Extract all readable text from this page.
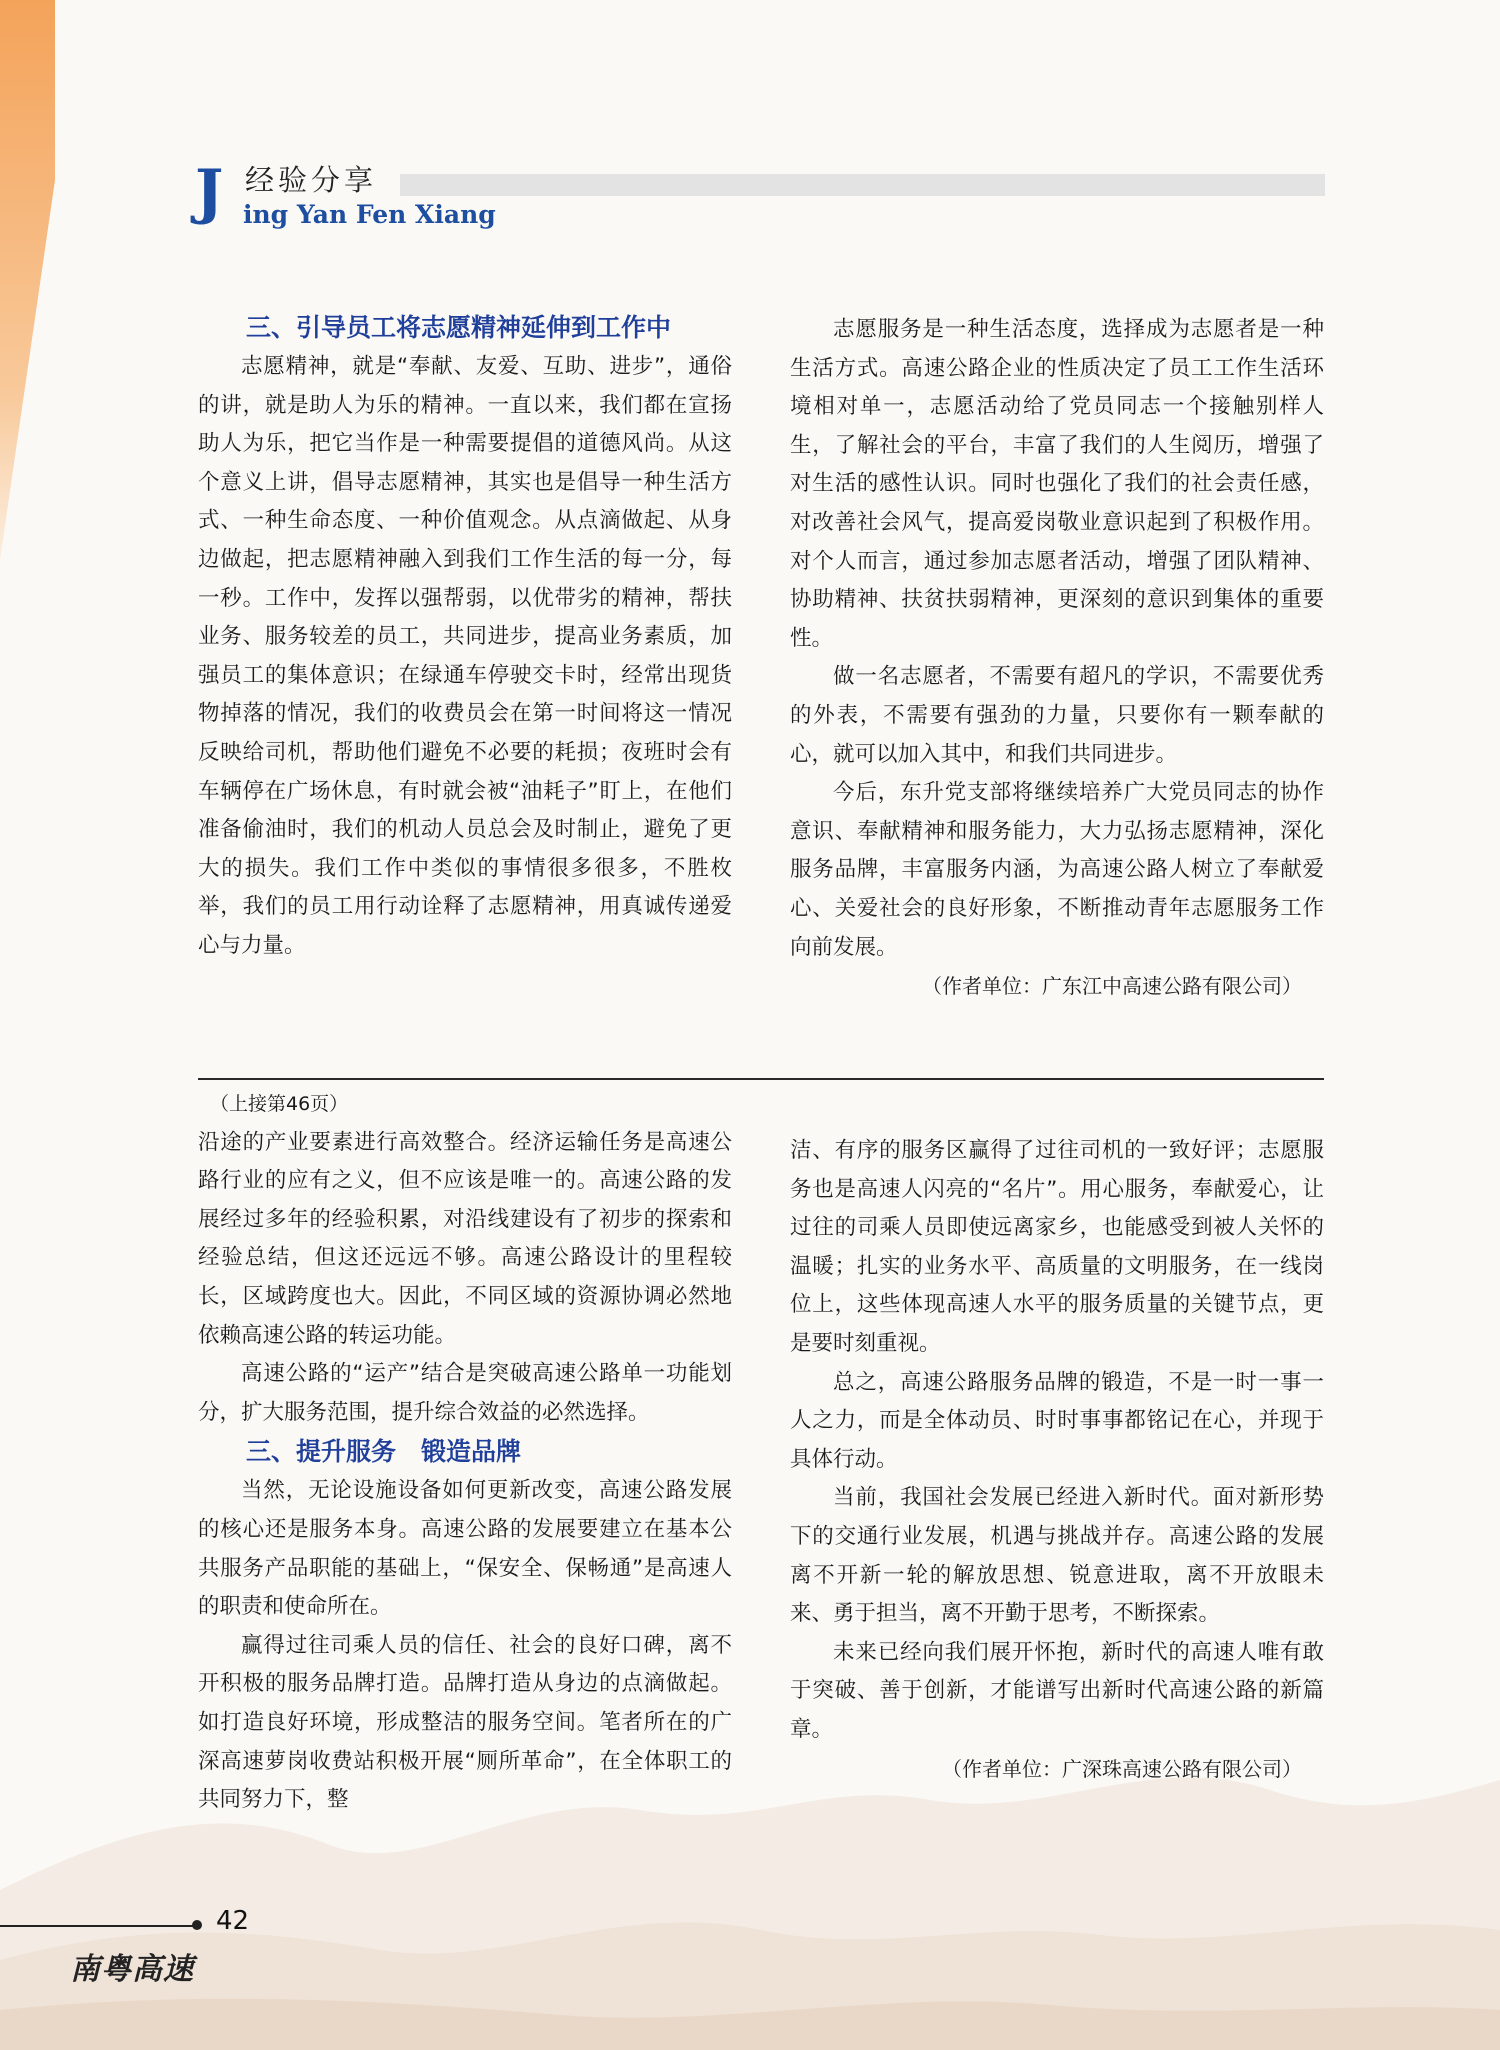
J 经验分享
ing Yan Fen Xiang
三、引导员工将志愿精神延伸到工作中

志愿精神，就是“奉献、友爱、互助、进步”，通俗的讲，就是助人为乐的精神。一直以来，我们都在宣扬助人为乐，把它当作是一种需要提倡的道德风尚。从这个意义上讲，倡导志愿精神，其实也是倡导一种生活方式、一种生命态度、一种价值观念。从点滴做起、从身边做起，把志愿精神融入到我们工作生活的每一分，每一秒。工作中，发挥以强帮弱，以优带劣的精神，帮扶业务、服务较差的员工，共同进步，提高业务素质，加强员工的集体意识；在绿通车停驶交卡时，经常出现货物掉落的情况，我们的收费员会在第一时间将这一情况反映给司机，帮助他们避免不必要的耗损；夜班时会有车辆停在广场休息，有时就会被“油耗子”盯上，在他们准备偷油时，我们的机动人员总会及时制止，避免了更大的损失。我们工作中类似的事情很多很多，不胜枚举，我们的员工用行动诠释了志愿精神，用真诚传递爱心与力量。

志愿服务是一种生活态度，选择成为志愿者是一种生活方式。高速公路企业的性质决定了员工工作生活环境相对单一，志愿活动给了党员同志一个接触别样人生，了解社会的平台，丰富了我们的人生阅历，增强了对生活的感性认识。同时也强化了我们的社会责任感，对改善社会风气，提高爱岗敬业意识起到了积极作用。对个人而言，通过参加志愿者活动，增强了团队精神、协助精神、扶贫扶弱精神，更深刻的意识到集体的重要性。

做一名志愿者，不需要有超凡的学识，不需要优秀的外表，不需要有强劲的力量，只要你有一颗奉献的心，就可以加入其中，和我们共同进步。

今后，东升党支部将继续培养广大党员同志的协作意识、奉献精神和服务能力，大力弘扬志愿精神，深化服务品牌，丰富服务内涵，为高速公路人树立了奉献爱心、关爱社会的良好形象，不断推动青年志愿服务工作向前发展。

（作者单位：广东江中高速公路有限公司）
（上接第46页）

沿途的产业要素进行高效整合。经济运输任务是高速公路行业的应有之义，但不应该是唯一的。高速公路的发展经过多年的经验积累，对沿线建设有了初步的探索和经验总结，但这还远远不够。高速公路设计的里程较长，区域跨度也大。因此，不同区域的资源协调必然地依赖高速公路的转运功能。

高速公路的“运产”结合是突破高速公路单一功能划分，扩大服务范围，提升综合效益的必然选择。

三、提升服务　锻造品牌

当然，无论设施设备如何更新改变，高速公路发展的核心还是服务本身。高速公路的发展要建立在基本公共服务产品职能的基础上，“保安全、保畅通”是高速人的职责和使命所在。

赢得过往司乘人员的信任、社会的良好口碑，离不开积极的服务品牌打造。品牌打造从身边的点滴做起。如打造良好环境，形成整洁的服务空间。笔者所在的广深高速萝岗收费站积极开展“厕所革命”，在全体职工的共同努力下，整

洁、有序的服务区赢得了过往司机的一致好评；志愿服务也是高速人闪亮的“名片”。用心服务，奉献爱心，让过往的司乘人员即使远离家乡，也能感受到被人关怀的温暖；扎实的业务水平、高质量的文明服务，在一线岗位上，这些体现高速人水平的服务质量的关键节点，更是要时刻重视。

总之，高速公路服务品牌的锻造，不是一时一事一人之力，而是全体动员、时时事事都铭记在心，并现于具体行动。

当前，我国社会发展已经进入新时代。面对新形势下的交通行业发展，机遇与挑战并存。高速公路的发展离不开新一轮的解放思想、锐意进取，离不开放眼未来、勇于担当，离不开勤于思考，不断探索。

未来已经向我们展开怀抱，新时代的高速人唯有敢于突破、善于创新，才能谱写出新时代高速公路的新篇章。

（作者单位：广深珠高速公路有限公司）
42
南粤高速
